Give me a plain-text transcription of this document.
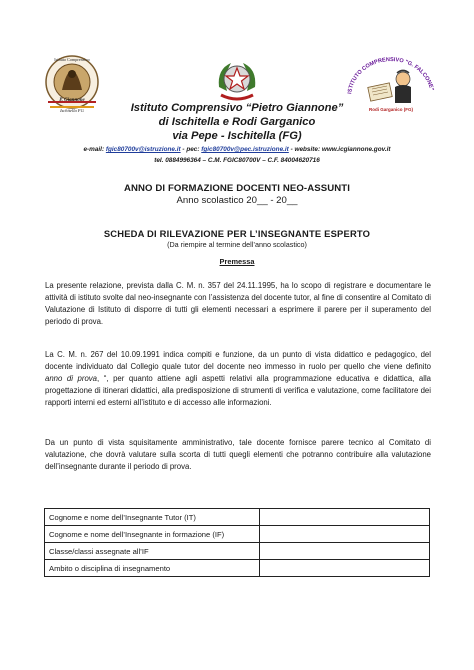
Istituto Comprensivo
P. Giannone
Ischitella FG
ISTITUTO COMPRENSIVO "G. FALCONE"
Rodi Garganico (FG)
Istituto Comprensivo “Pietro Giannone”
di Ischitella e Rodi Garganico
via Pepe - Ischitella (FG)
e-mail: fgic80700v@istruzione.it - pec: fgic80700v@pec.istruzione.it - website: www.icgiannone.gov.it
tel. 0884996364 – C.M. FGIC80700V – C.F. 84004620716
ANNO DI FORMAZIONE DOCENTI NEO-ASSUNTI
Anno scolastico 20__ - 20__
SCHEDA DI RILEVAZIONE PER L’INSEGNANTE ESPERTO
(Da riempire al termine dell’anno scolastico)
Premessa
La presente relazione, prevista dalla C. M. n. 357 del 24.11.1995, ha lo scopo di registrare e documentare le attività di istituto svolte dal neo-insegnante con l’assistenza del docente tutor, al fine di consentire al Comitato di Valutazione di Istituto di disporre di tutti gli elementi necessari a esprimere il parere per il superamento del periodo di prova.
La C. M. n. 267 del 10.09.1991 indica compiti e funzione, da un punto di vista didattico e pedagogico, del docente individuato dal Collegio quale tutor del docente neo immesso in ruolo per quello che viene definito anno di prova, “, per quanto attiene agli aspetti relativi alla programmazione educativa e didattica, alla progettazione di itinerari didattici, alla predisposizione di strumenti di verifica e valutazione, come facilitatore dei rapporti interni ed esterni all’istituto e di accesso alle informazioni.
Da un punto di vista squisitamente amministrativo, tale docente fornisce parere tecnico al Comitato di valutazione, che dovrà valutare sulla scorta di tutti quegli elementi che potranno contribuire alla valutazione dell’insegnante durante il periodo di prova.
Cognome e nome dell’Insegnante Tutor (IT)	
Cognome e nome dell’Insegnante in formazione (IF)	
Classe/classi assegnate all’IF	
Ambito o disciplina di insegnamento	
